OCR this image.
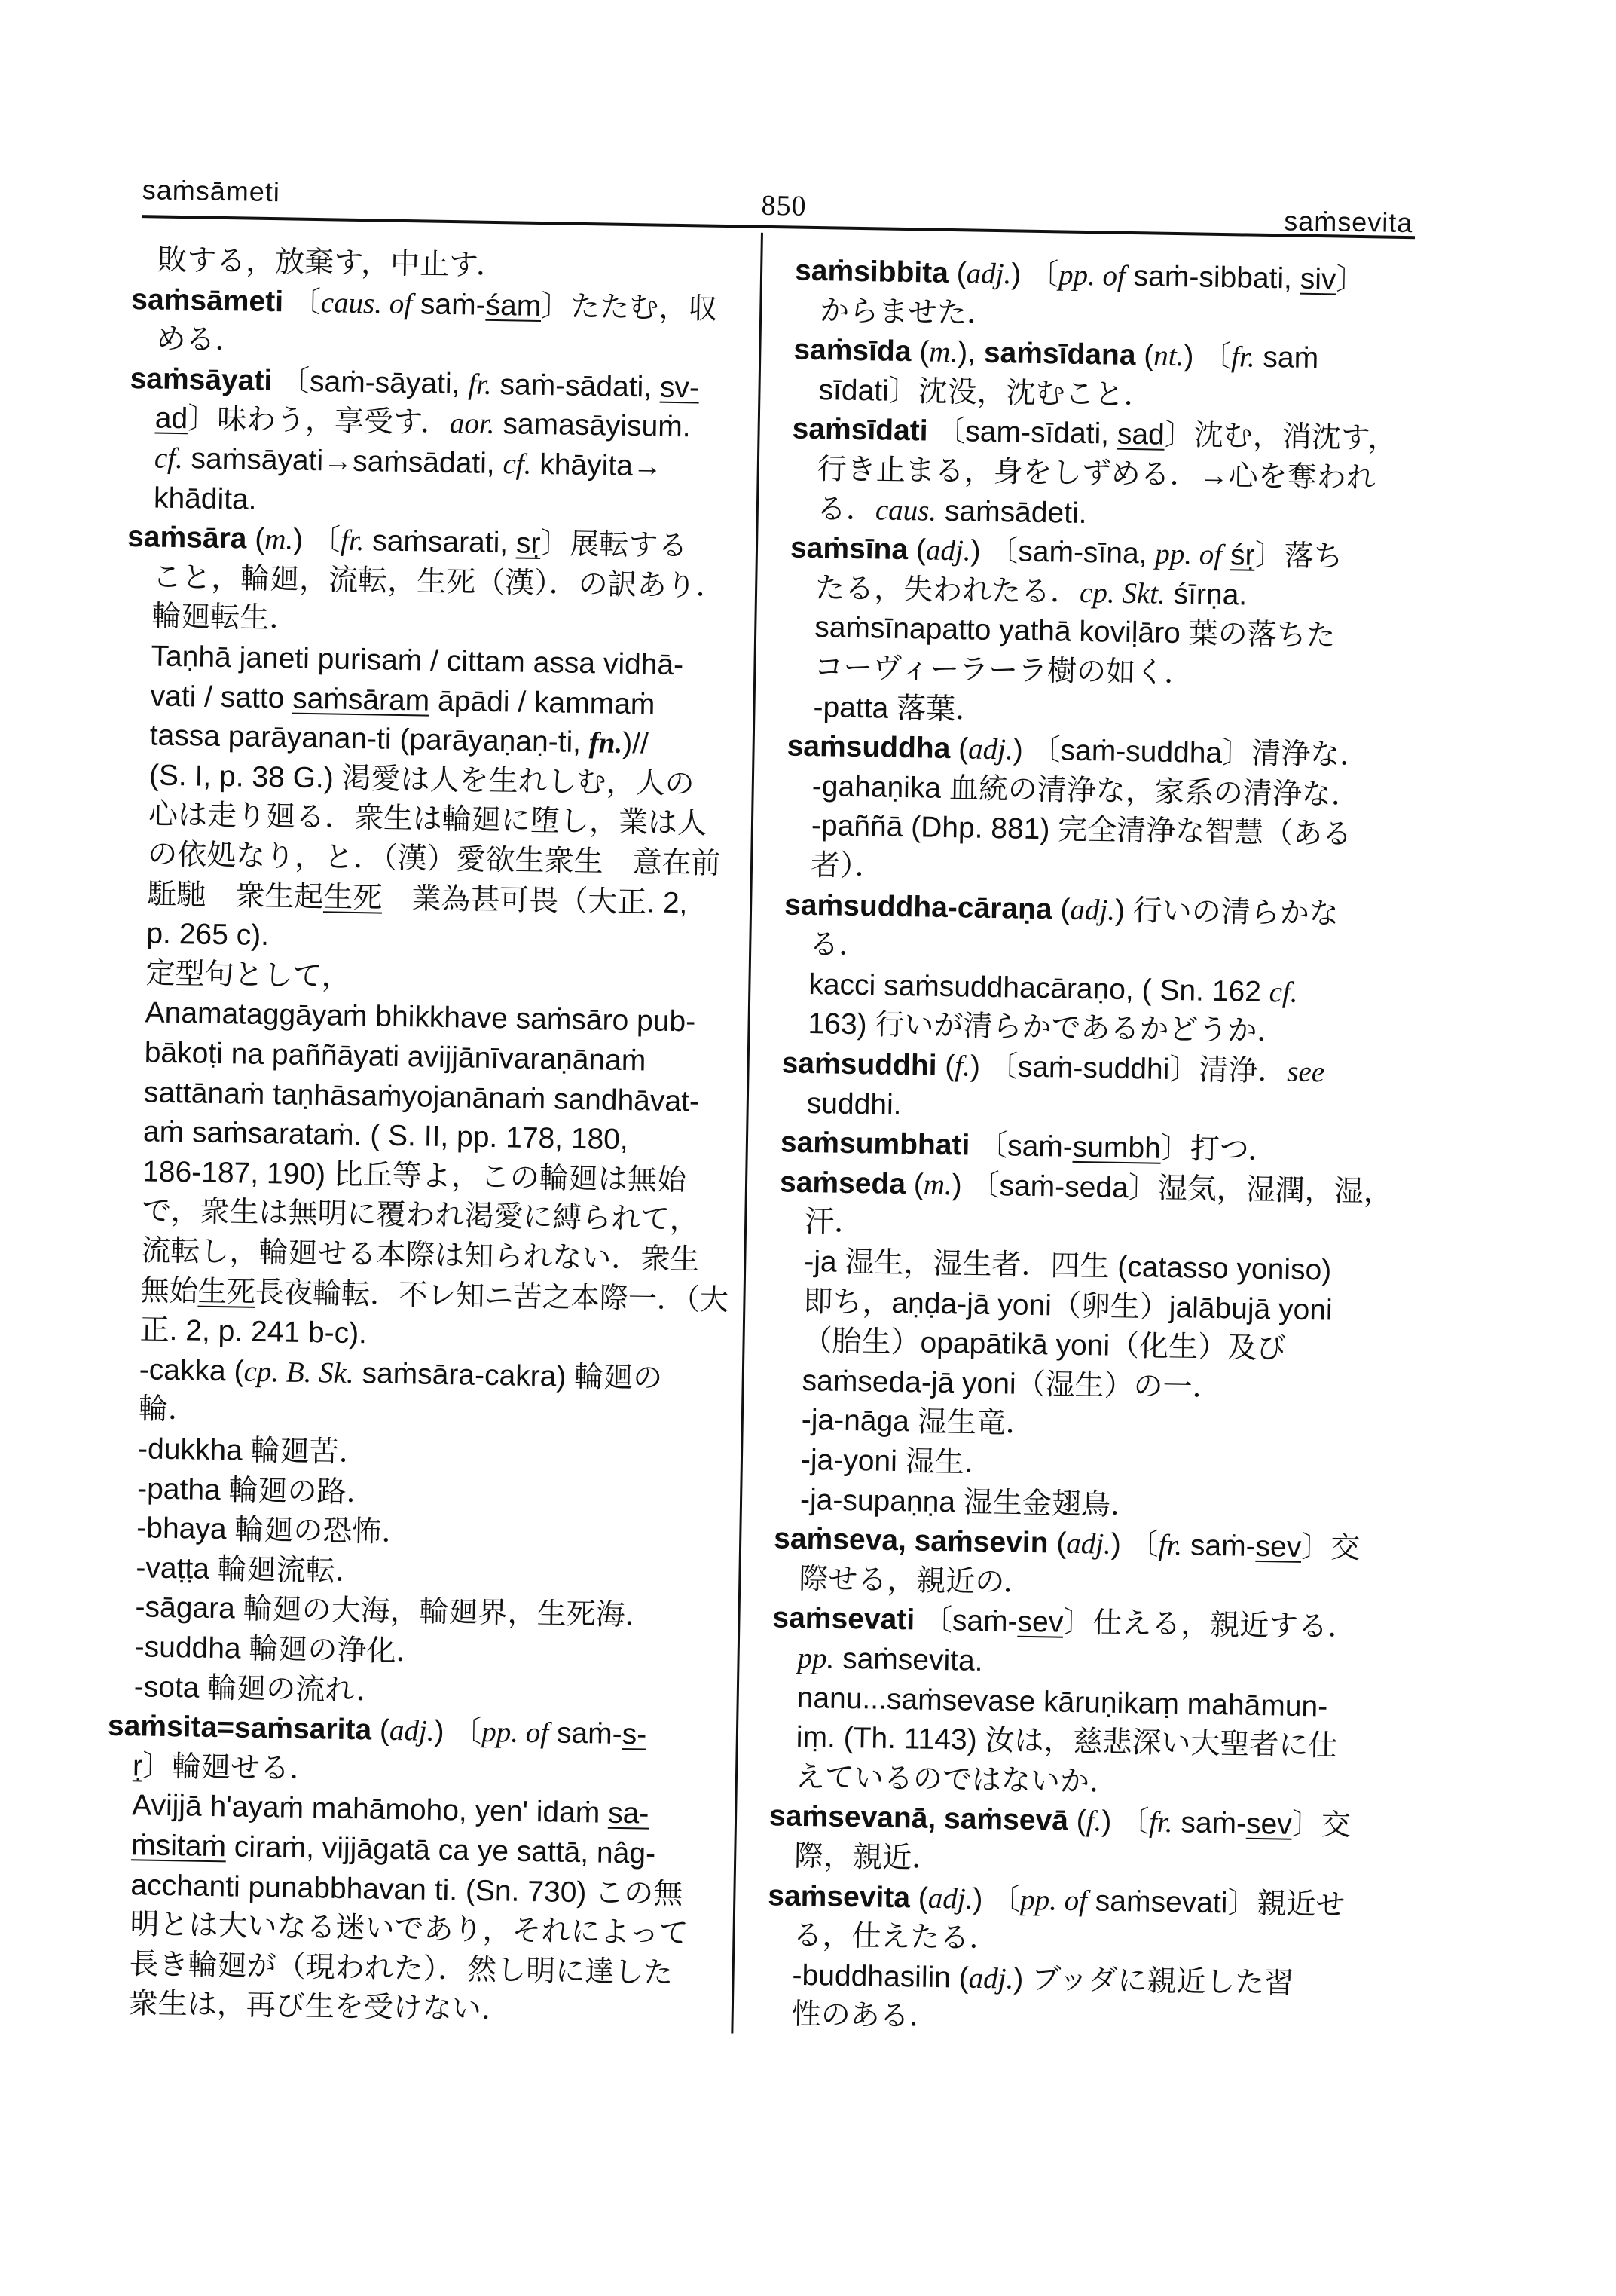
saṁsāmeti	850	saṁsevita
敗する，放棄す，中止す．
saṁsāmeti 〔caus. of saṁ-śam〕たたむ，収
める．
saṁsāyati 〔saṁ-sāyati, fr. saṁ-sādati, sv-
ad〕味わう，享受す．aor. samasāyisuṁ.
cf. saṁsāyati→saṁsādati, cf. khāyita→
khādita.
saṁsāra (m.) 〔fr. saṁsarati, sṛ〕展転する
こと，輪廻，流転，生死（漢）．の訳あり．
輪廻転生．
Taṇhā janeti purisaṁ / cittam assa vidhā-
vati / satto saṁsāram āpādi / kammaṁ
tassa parāyanan-ti (parāyaṇaṇ-ti, fn.)//
(S. I, p. 38 G.) 渇愛は人を生れしむ，人の
心は走り廻る．衆生は輪廻に堕し，業は人
の依処なり，と．（漢）愛欲生衆生　意在前
駈馳　衆生起生死　業為甚可畏（大正. 2,
p. 265 c).
定型句として，
Anamataggāyaṁ bhikkhave saṁsāro pub-
bākoṭi na paññāyati avijjānīvaraṇānaṁ
sattānaṁ taṇhāsaṁyojanānaṁ sandhāvat-
aṁ saṁsarataṁ. ( S. II, pp. 178, 180,
186-187, 190) 比丘等よ，この輪廻は無始
で，衆生は無明に覆われ渇愛に縛られて，
流転し，輪廻せる本際は知られない．衆生
無始生死長夜輪転．不レ知ニ苦之本際一．（大
正. 2, p. 241 b-c).
-cakka (cp. B. Sk. saṁsāra-cakra) 輪廻の
輪．
-dukkha 輪廻苦．
-patha 輪廻の路．
-bhaya 輪廻の恐怖．
-vaṭṭa 輪廻流転．
-sāgara 輪廻の大海，輪廻界，生死海．
-suddha 輪廻の浄化．
-sota 輪廻の流れ．
saṁsita=saṁsarita (adj.) 〔pp. of saṁ-s-
ṛ〕輪廻せる．
Avijjā h'ayaṁ mahāmoho, yen' idaṁ sa-
ṁsitaṁ ciraṁ, vijjāgatā ca ye sattā, nâg-
acchanti punabbhavan ti. (Sn. 730) この無
明とは大いなる迷いであり，それによって
長き輪廻が（現われた）．然し明に達した
衆生は，再び生を受けない．
saṁsibbita (adj.) 〔pp. of saṁ-sibbati, siv〕
からませた．
saṁsīda (m.), saṁsīdana (nt.) 〔fr. saṁ
sīdati〕沈没，沈むこと．
saṁsīdati 〔sam-sīdati, sad〕沈む，消沈す，
行き止まる，身をしずめる．→心を奪われ
る．caus. saṁsādeti.
saṁsīna (adj.) 〔saṁ-sīna, pp. of śṛ〕落ち
たる，失われたる．cp. Skt. śīrṇa.
saṁsīnapatto yathā koviḷāro 葉の落ちた
コーヴィーラーラ樹の如く．
-patta 落葉．
saṁsuddha (adj.) 〔saṁ-suddha〕清浄な．
-gahaṇika 血統の清浄な，家系の清浄な．
-paññā (Dhp. 881) 完全清浄な智慧（ある
者）．
saṁsuddha-cāraṇa (adj.) 行いの清らかな
る．
kacci saṁsuddhacāraṇo, ( Sn. 162 cf.
163) 行いが清らかであるかどうか．
saṁsuddhi (f.) 〔saṁ-suddhi〕清浄．see
suddhi.
saṁsumbhati 〔saṁ-sumbh〕打つ．
saṁseda (m.) 〔saṁ-seda〕湿気，湿潤，湿，
汗．
-ja 湿生，湿生者．四生 (catasso yoniso)
即ち，aṇḍa-jā yoni（卵生）jalābujā yoni
（胎生）opapātikā yoni（化生）及び
saṁseda-jā yoni（湿生）の一．
-ja-nāga 湿生竜．
-ja-yoni 湿生．
-ja-supaṇṇa 湿生金翅鳥．
saṁseva, saṁsevin (adj.) 〔fr. saṁ-sev〕交
際せる，親近の．
saṁsevati 〔saṁ-sev〕仕える，親近する．
pp. saṁsevita.
nanu...saṁsevase kāruṇikaṃ mahāmun-
iṃ. (Th. 1143) 汝は，慈悲深い大聖者に仕
えているのではないか．
saṁsevanā, saṁsevā (f.) 〔fr. saṁ-sev〕交
際，親近．
saṁsevita (adj.) 〔pp. of saṁsevati〕親近せ
る，仕えたる．
-buddhasilin (adj.) ブッダに親近した習
性のある．
